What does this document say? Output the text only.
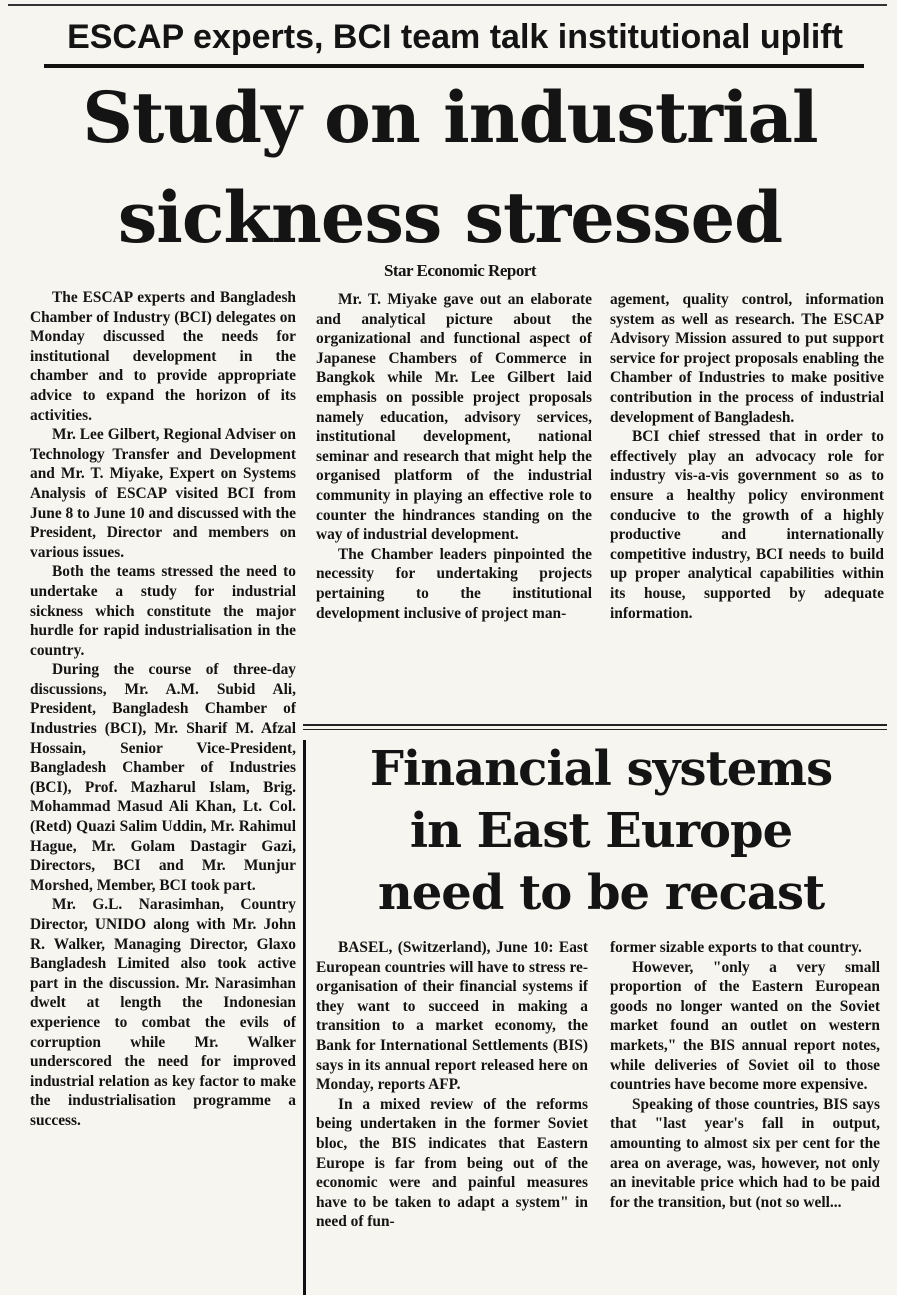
ESCAP experts, BCI team talk institutional uplift
Study on industrial
sickness stressed
Star Economic Report

The ESCAP experts and Bangladesh Chamber of Industry (BCI) delegates on Monday discussed the needs for institutional development in the chamber and to provide appropriate advice to expand the horizon of its activities.

Mr. Lee Gilbert, Regional Adviser on Technology Transfer and Development and Mr. T. Miyake, Expert on Systems Analysis of ESCAP visited BCI from June 8 to June 10 and discussed with the President, Director and members on various issues.

Both the teams stressed the need to undertake a study for industrial sickness which constitute the major hurdle for rapid industrialisation in the country.

During the course of three-day discussions, Mr. A.M. Subid Ali, President, Bangladesh Chamber of Industries (BCI), Mr. Sharif M. Afzal Hossain, Senior Vice-President, Bangladesh Chamber of Industries (BCI), Prof. Mazharul Islam, Brig. Mohammad Masud Ali Khan, Lt. Col. (Retd) Quazi Salim Uddin, Mr. Rahimul Hague, Mr. Golam Dastagir Gazi, Directors, BCI and Mr. Munjur Morshed, Member, BCI took part.

Mr. G.L. Narasimhan, Country Director, UNIDO along with Mr. John R. Walker, Managing Director, Glaxo Bangladesh Limited also took active part in the discussion. Mr. Narasimhan dwelt at length the Indonesian experience to combat the evils of corruption while Mr. Walker underscored the need for improved industrial relation as key factor to make the industrialisation programme a success.

Mr. T. Miyake gave out an elaborate and analytical picture about the organizational and functional aspect of Japanese Chambers of Commerce in Bangkok while Mr. Lee Gilbert laid emphasis on possible project proposals namely education, advisory services, institutional development, national seminar and research that might help the organised platform of the industrial community in playing an effective role to counter the hindrances standing on the way of industrial development.

The Chamber leaders pinpointed the necessity for undertaking projects pertaining to the institutional development inclusive of project man-

agement, quality control, information system as well as research. The ESCAP Advisory Mission assured to put support service for project proposals enabling the Chamber of Industries to make positive contribution in the process of industrial development of Bangladesh.

BCI chief stressed that in order to effectively play an advocacy role for industry vis-a-vis government so as to ensure a healthy policy environment conducive to the growth of a highly productive and internationally competitive industry, BCI needs to build up proper analytical capabilities within its house, supported by adequate information.

Financial systems
in East Europe
need to be recast

BASEL, (Switzerland), June 10: East European countries will have to stress re-organisation of their financial systems if they want to succeed in making a transition to a market economy, the Bank for International Settlements (BIS) says in its annual report released here on Monday, reports AFP.

In a mixed review of the reforms being undertaken in the former Soviet bloc, the BIS indicates that Eastern Europe is far from being out of the economic were and painful measures have to be taken to adapt a system" in need of fun-

former sizable exports to that country.

However, "only a very small proportion of the Eastern European goods no longer wanted on the Soviet market found an outlet on western markets," the BIS annual report notes, while deliveries of Soviet oil to those countries have become more expensive.

Speaking of those countries, BIS says that "last year's fall in output, amounting to almost six per cent for the area on average, was, however, not only an inevitable price which had to be paid for the transition, but (not so well...
